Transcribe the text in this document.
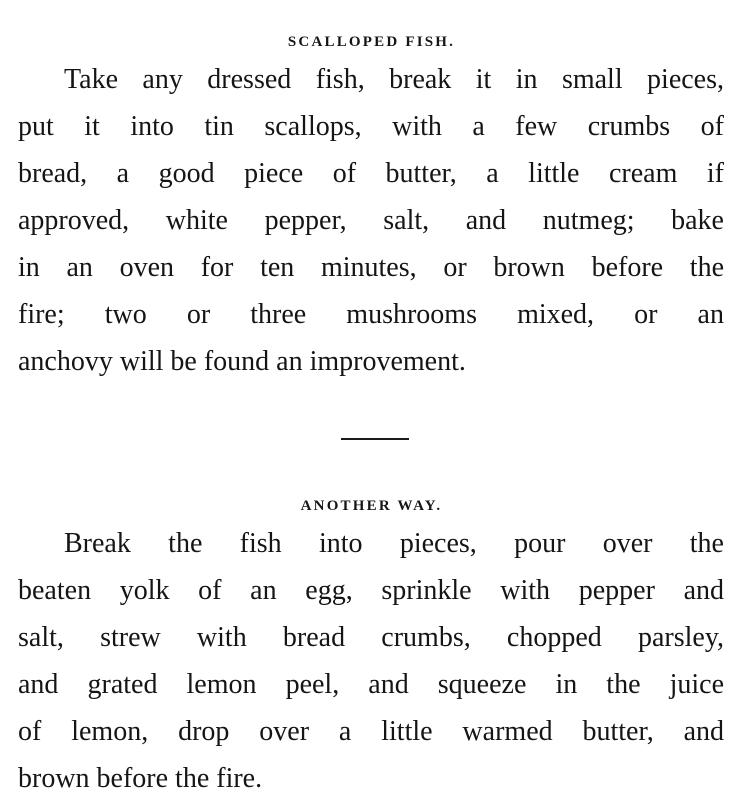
SCALLOPED FISH.

Take any dressed fish, break it in small pieces,
put it into tin scallops, with a few crumbs of
bread, a good piece of butter, a little cream if
approved, white pepper, salt, and nutmeg; bake
in an oven for ten minutes, or brown before the
fire; two or three mushrooms mixed, or an
anchovy will be found an improvement.

ANOTHER WAY.

Break the fish into pieces, pour over the
beaten yolk of an egg, sprinkle with pepper and
salt, strew with bread crumbs, chopped parsley,
and grated lemon peel, and squeeze in the juice
of lemon, drop over a little warmed butter, and
brown before the fire.
